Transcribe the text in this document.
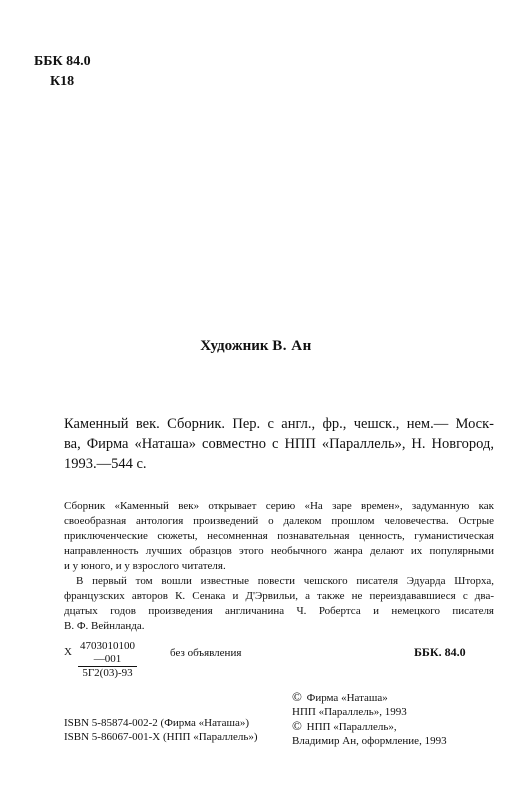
ББК 84.0
К18
Художник В. Ан
Каменный век. Сборник. Пер. с англ., фр., чешск., нем.— Моск-
ва, Фирма «Наташа» совместно с НПП «Параллель», Н. Новгород,
1993.—544 с.
Сборник «Каменный век» открывает серию «На заре времен», задуманную как
своеобразная антология произведений о далеком прошлом человечества. Острые
приключенческие сюжеты, несомненная познавательная ценность, гуманистическая
направленность лучших образцов этого необычного жанра делают их популярными
и у юного, и у взрослого читателя.
В первый том вошли известные повести чешского писателя Эдуарда Шторха,
французских авторов К. Сенака и Д'Эрвильи, а также не переиздававшиеся с два-
дцатых годов произведения англичанина Ч. Робертса и немецкого писателя
В. Ф. Вейнланда.
Х 4703010100—001
5Г2(03)-93
без объявления	ББК. 84.0
© Фирма «Наташа»
НПП «Параллель», 1993
© НПП «Параллель»,
Владимир Ан, оформление, 1993
ISBN 5-85874-002-2 (Фирма «Наташа»)
ISBN 5-86067-001-Х (НПП «Параллель»)
